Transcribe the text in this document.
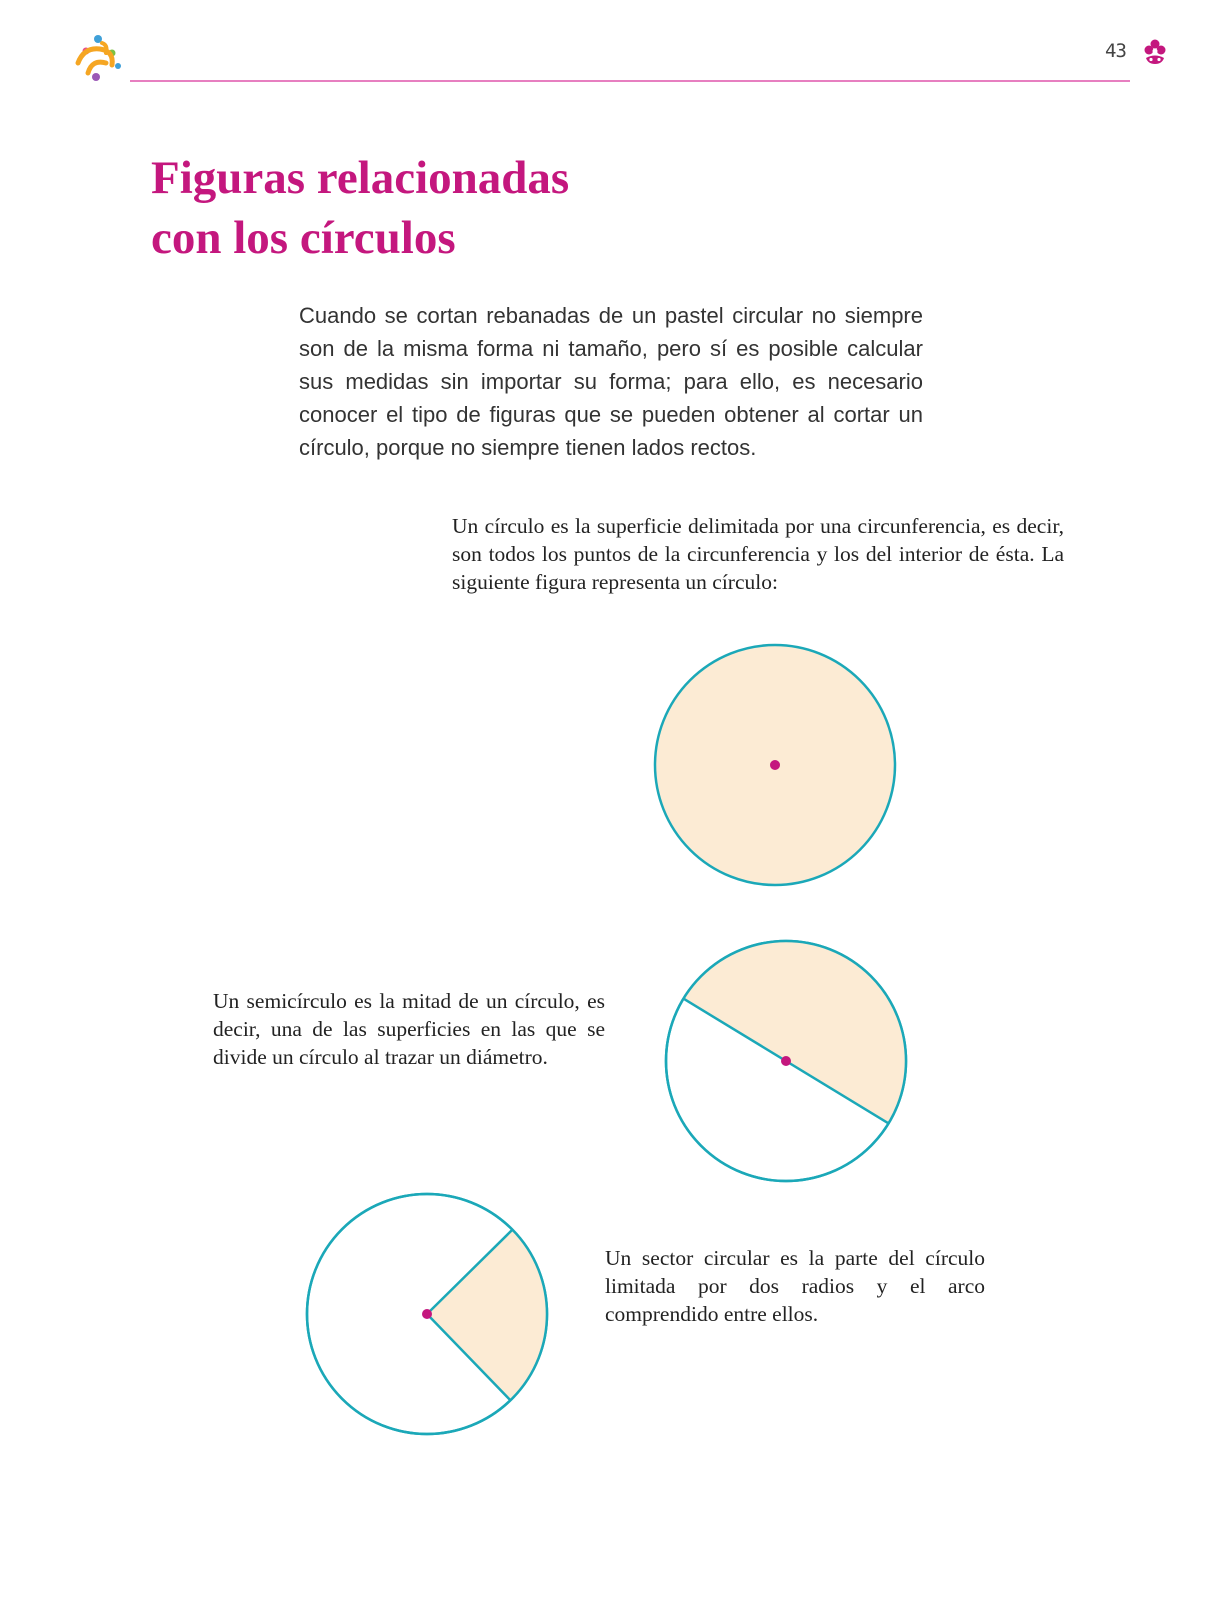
43
Figuras relacionadas
con los círculos

Cuando se cortan rebanadas de un pastel circular no siempre son de la misma forma ni tamaño, pero sí es posible calcular sus medidas sin importar su forma; para ello, es necesario conocer el tipo de figuras que se pueden obtener al cortar un círculo, porque no siempre tienen lados rectos.

Un círculo es la superficie delimitada por una circunferencia, es decir, son todos los puntos de la circunferencia y los del interior de ésta. La siguiente figura representa un círculo:

Un semicírculo es la mitad de un círculo, es decir, una de las superficies en las que se divide un círculo al trazar un diámetro.

Un sector circular es la parte del círculo limitada por dos radios y el arco comprendido entre ellos.
